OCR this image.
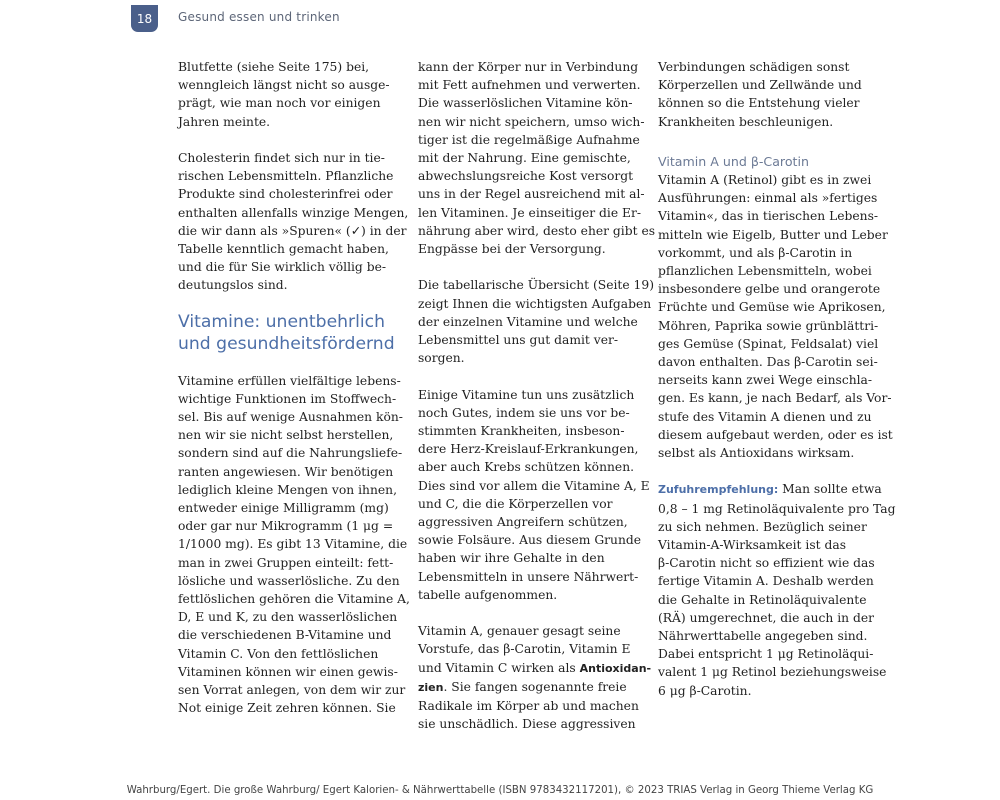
18	Gesund essen und trinken

Blutfette (siehe Seite 175) bei,

wenngleich längst nicht so ausge-

prägt, wie man noch vor einigen

Jahren meinte.

Cholesterin findet sich nur in tie-

rischen Lebensmitteln. Pflanzliche

Produkte sind cholesterinfrei oder

enthalten allenfalls winzige Mengen,

die wir dann als »Spuren« (✓) in der

Tabelle kenntlich gemacht haben,

und die für Sie wirklich völlig be-

deutungslos sind.

Vitamine: unentbehrlich
und gesundheitsfördernd

Vitamine erfüllen vielfältige lebens-

wichtige Funktionen im Stoffwech-

sel. Bis auf wenige Ausnahmen kön-

nen wir sie nicht selbst herstellen,

sondern sind auf die Nahrungsliefe-

ranten angewiesen. Wir benötigen

lediglich kleine Mengen von ihnen,

entweder einige Milligramm (mg)

oder gar nur Mikrogramm (1 μg =

1/1000 mg). Es gibt 13 Vitamine, die

man in zwei Gruppen einteilt: fett-

lösliche und wasserlösliche. Zu den

fettlöslichen gehören die Vitamine A,

D, E und K, zu den wasserlöslichen

die verschiedenen B-Vitamine und

Vitamin C. Von den fettlöslichen

Vitaminen können wir einen gewis-

sen Vorrat anlegen, von dem wir zur

Not einige Zeit zehren können. Sie

kann der Körper nur in Verbindung

mit Fett aufnehmen und verwerten.

Die wasserlöslichen Vitamine kön-

nen wir nicht speichern, umso wich-

tiger ist die regelmäßige Aufnahme

mit der Nahrung. Eine gemischte,

abwechslungsreiche Kost versorgt

uns in der Regel ausreichend mit al-

len Vitaminen. Je einseitiger die Er-

nährung aber wird, desto eher gibt es

Engpässe bei der Versorgung.

Die tabellarische Übersicht (Seite 19)

zeigt Ihnen die wichtigsten Aufgaben

der einzelnen Vitamine und welche

Lebensmittel uns gut damit ver-

sorgen.

Einige Vitamine tun uns zusätzlich

noch Gutes, indem sie uns vor be-

stimmten Krankheiten, insbeson-

dere Herz-Kreislauf-Erkrankungen,

aber auch Krebs schützen können.

Dies sind vor allem die Vitamine A, E

und C, die die Körperzellen vor

aggressiven Angreifern schützen,

sowie Folsäure. Aus diesem Grunde

haben wir ihre Gehalte in den

Lebensmitteln in unsere Nährwert-

tabelle aufgenommen.

Vitamin A, genauer gesagt seine

Vorstufe, das β-Carotin, Vitamin E

und Vitamin C wirken als Antioxidan-

zien. Sie fangen sogenannte freie

Radikale im Körper ab und machen

sie unschädlich. Diese aggressiven

Verbindungen schädigen sonst

Körperzellen und Zellwände und

können so die Entstehung vieler

Krankheiten beschleunigen.

Vitamin A und β-Carotin

Vitamin A (Retinol) gibt es in zwei

Ausführungen: einmal als »fertiges

Vitamin«, das in tierischen Lebens-

mitteln wie Eigelb, Butter und Leber

vorkommt, und als β-Carotin in

pflanzlichen Lebensmitteln, wobei

insbesondere gelbe und orangerote

Früchte und Gemüse wie Aprikosen,

Möhren, Paprika sowie grünblättri-

ges Gemüse (Spinat, Feldsalat) viel

davon enthalten. Das β-Carotin sei-

nerseits kann zwei Wege einschla-

gen. Es kann, je nach Bedarf, als Vor-

stufe des Vitamin A dienen und zu

diesem aufgebaut werden, oder es ist

selbst als Antioxidans wirksam.

Zufuhrempfehlung: Man sollte etwa

0,8 – 1 mg Retinoläquivalente pro Tag

zu sich nehmen. Bezüglich seiner

Vitamin-A-Wirksamkeit ist das

β-Carotin nicht so effizient wie das

fertige Vitamin A. Deshalb werden

die Gehalte in Retinoläquivalente

(RÄ) umgerechnet, die auch in der

Nährwerttabelle angegeben sind.

Dabei entspricht 1 μg Retinoläqui-

valent 1 μg Retinol beziehungsweise

6 μg β-Carotin.

Wahrburg/Egert. Die große Wahrburg/ Egert Kalorien- & Nährwerttabelle (ISBN 9783432117201), © 2023 TRIAS Verlag in Georg Thieme Verlag KG
